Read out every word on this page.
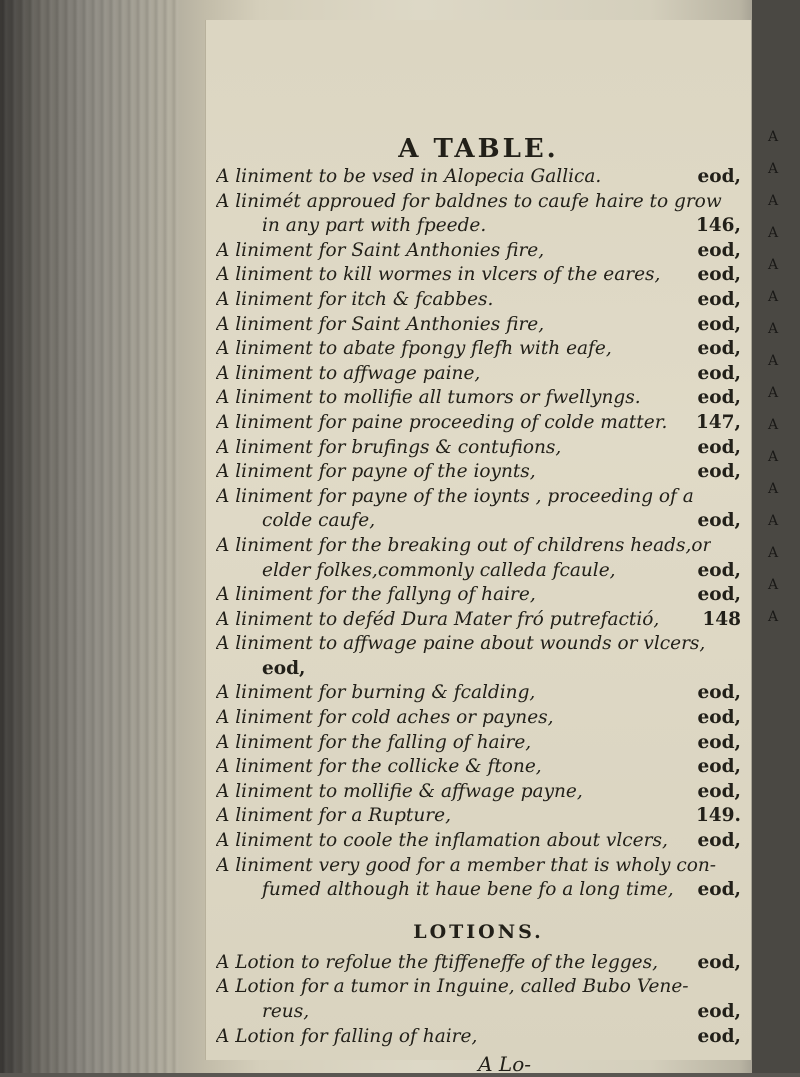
A
A
A
A
A
A
A
A
A
A
A
A
A
A
A
A
A TABLE.
A liniment to be vsed in Alopecia Gallica.	eod,
A linimét approued for baldnes to caufe haire to grow
in any part with fpeede.	146,
A liniment for Saint Anthonies fire,	eod,
A liniment to kill wormes in vlcers of the eares, eod,
A liniment for itch & fcabbes.	eod,
A liniment for Saint Anthonies fire,	eod,
A liniment to abate fpongy flefh with eafe,	eod,
A liniment to affwage paine,	eod,
A liniment to mollifie all tumors or fwellyngs.	eod,
A liniment for paine proceeding of colde matter. 147,
A liniment for brufings & contufions,	eod,
A liniment for payne of the ioynts,	eod,
A liniment for payne of the ioynts , proceeding of a
colde caufe,	eod,
A liniment for the breaking out of childrens heads,or
elder folkes,commonly calleda fcaule,	eod,
A liniment for the fallyng of haire,	eod,
A liniment to deféd Dura Mater fró putrefactió, 148
A liniment to affwage paine about wounds or vlcers,
eod,
A liniment for burning & fcalding,	eod,
A liniment for cold aches or paynes,	eod,
A liniment for the falling of haire,	eod,
A liniment for the collicke & ftone,	eod,
A liniment to mollifie & affwage payne,	eod,
A liniment for a Rupture,	149.
A liniment to coole the inflamation about vlcers, eod,
A liniment very good for a member that is wholy con-
fumed although it haue bene fo a long time, eod,
LOTIONS.
A Lotion to refolue the ftiffeneffe of the legges, eod,
A Lotion for a tumor in Inguine, called Bubo Vene-
reus,	eod,
A Lotion for falling of haire,	eod,
A Lo-
